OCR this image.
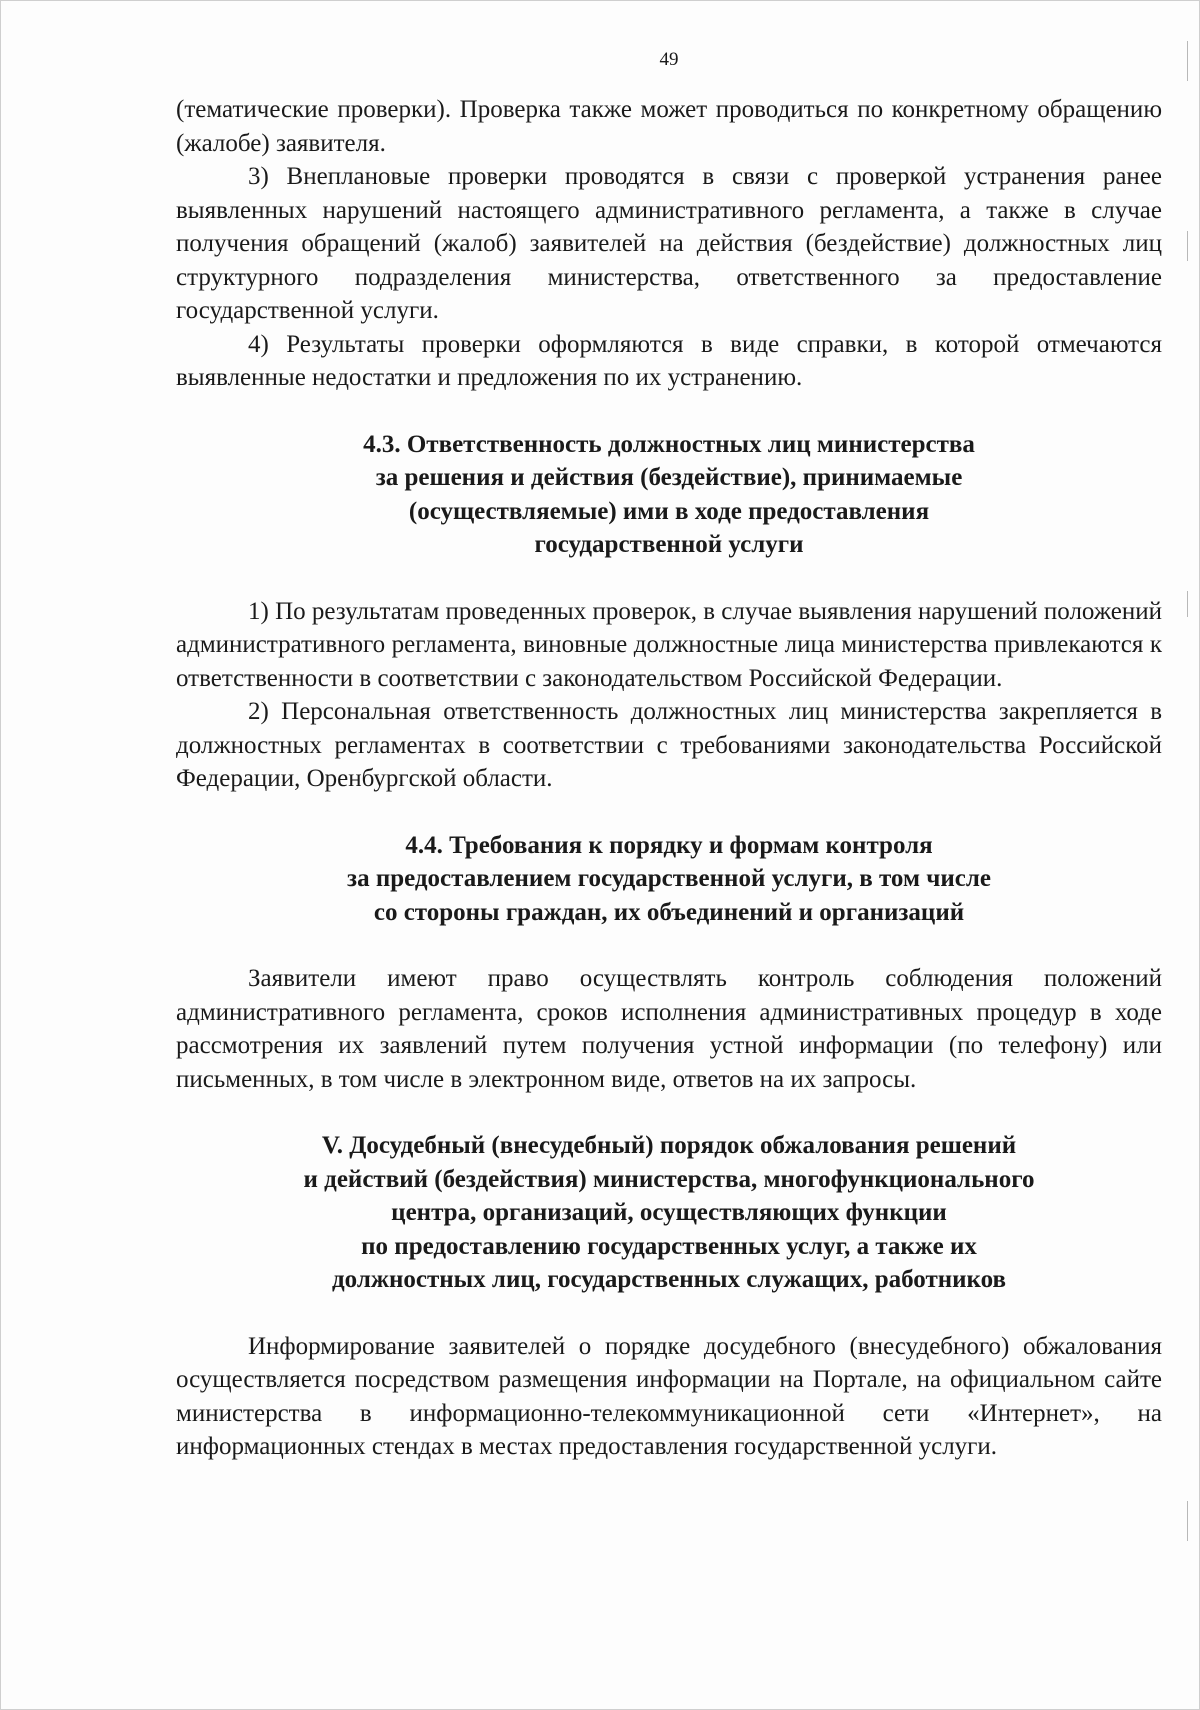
49

(тематические проверки). Проверка также может проводиться по конкретному обращению (жалобе) заявителя.

3) Внеплановые проверки проводятся в связи с проверкой устранения ранее выявленных нарушений настоящего административного регламента, а также в случае получения обращений (жалоб) заявителей на действия (бездействие) должностных лиц структурного подразделения министерства, ответственного за предоставление государственной услуги.

4) Результаты проверки оформляются в виде справки, в которой отмечаются выявленные недостатки и предложения по их устранению.

4.3. Ответственность должностных лиц министерства
за решения и действия (бездействие), принимаемые
(осуществляемые) ими в ходе предоставления
государственной услуги

1) По результатам проведенных проверок, в случае выявления нарушений положений административного регламента, виновные должностные лица министерства привлекаются к ответственности в соответствии с законодательством Российской Федерации.

2) Персональная ответственность должностных лиц министерства закрепляется в должностных регламентах в соответствии с требованиями законодательства Российской Федерации, Оренбургской области.

4.4. Требования к порядку и формам контроля
за предоставлением государственной услуги, в том числе
со стороны граждан, их объединений и организаций

Заявители имеют право осуществлять контроль соблюдения положений административного регламента, сроков исполнения административных процедур в ходе рассмотрения их заявлений путем получения устной информации (по телефону) или письменных, в том числе в электронном виде, ответов на их запросы.

V. Досудебный (внесудебный) порядок обжалования решений
и действий (бездействия) министерства, многофункционального
центра, организаций, осуществляющих функции
по предоставлению государственных услуг, а также их
должностных лиц, государственных служащих, работников

Информирование заявителей о порядке досудебного (внесудебного) обжалования осуществляется посредством размещения информации на Портале, на официальном сайте министерства в информационно-телекоммуникационной сети «Интернет», на информационных стендах в местах предоставления государственной услуги.
